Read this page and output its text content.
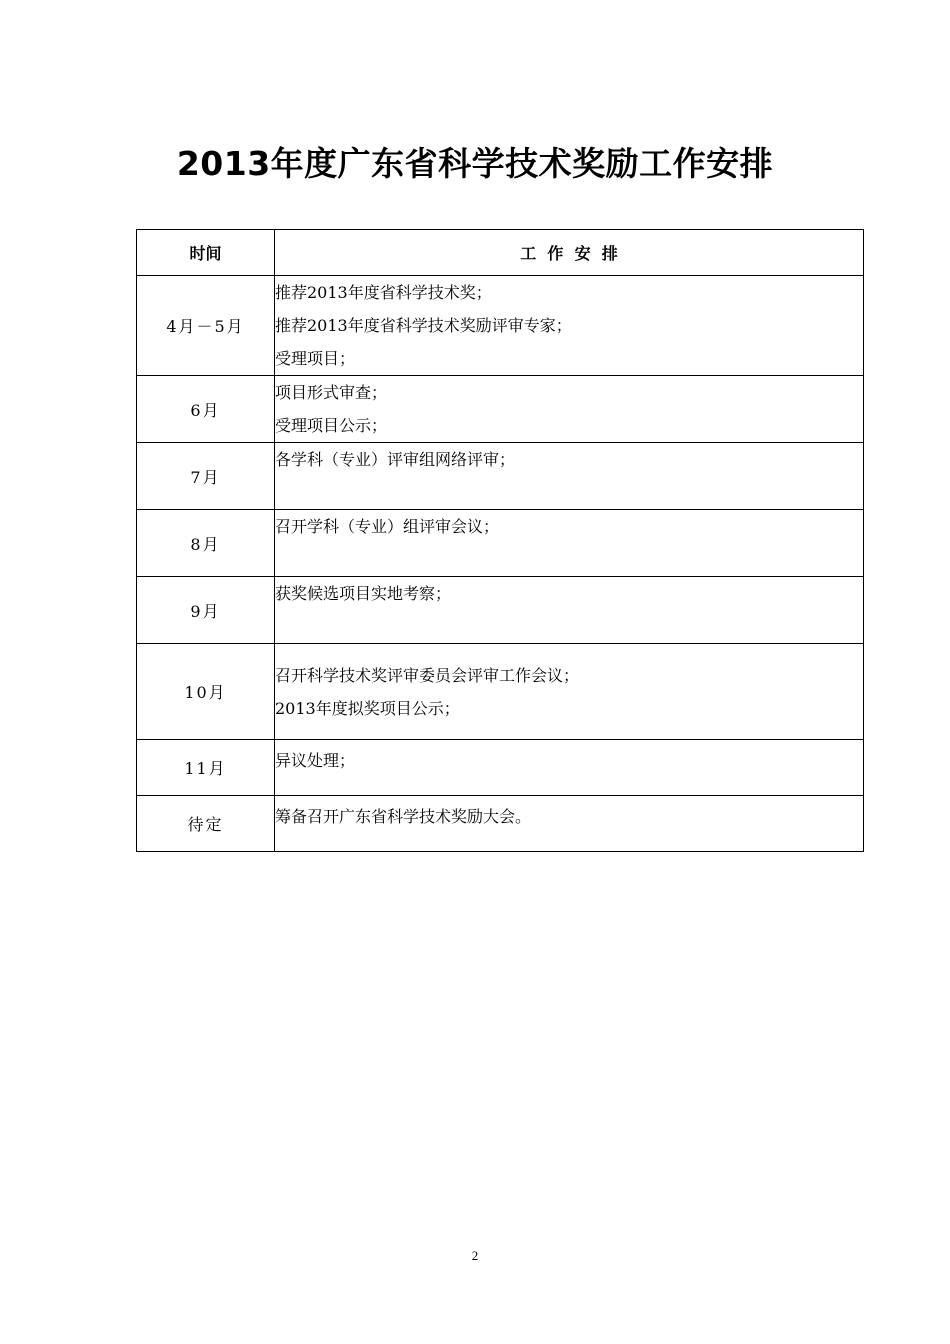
2013年度广东省科学技术奖励工作安排
时间	工  作  安  排
4月－5月	推荐2013年度省科学技术奖；
推荐2013年度省科学技术奖励评审专家；
受理项目；

6月	项目形式审查；
受理项目公示；

7月	各学科（专业）评审组网络评审；

8月	召开学科（专业）组评审会议；

9月	获奖候选项目实地考察；

10月	召开科学技术奖评审委员会评审工作会议；
2013年度拟奖项目公示；

11月	异议处理；

待定	筹备召开广东省科学技术奖励大会。

2
